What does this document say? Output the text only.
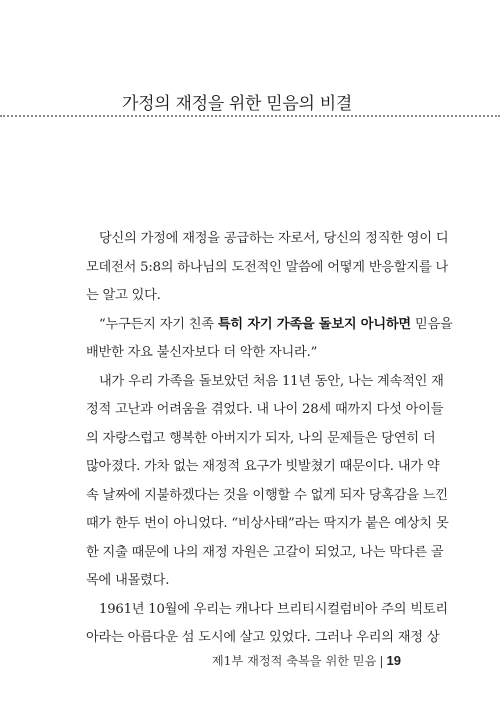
가정의 재정을 위한 믿음의 비결
당신의 가정에 재정을 공급하는 자로서, 당신의 정직한 영이 디
모데전서 5:8의 하나님의 도전적인 말씀에 어떻게 반응할지를 나
는 알고 있다.
“누구든지 자기 친족 특히 자기 가족을 돌보지 아니하면 믿음을
배반한 자요 불신자보다 더 악한 자니라.”
내가 우리 가족을 돌보았던 처음 11년 동안, 나는 계속적인 재
정적 고난과 어려움을 겪었다. 내 나이 28세 때까지 다섯 아이들
의 자랑스럽고 행복한 아버지가 되자, 나의 문제들은 당연히 더
많아졌다. 가차 없는 재정적 요구가 빗발쳤기 때문이다. 내가 약
속 날짜에 지불하겠다는 것을 이행할 수 없게 되자 당혹감을 느낀
때가 한두 번이 아니었다. “비상사태”라는 딱지가 붙은 예상치 못
한 지출 때문에 나의 재정 자원은 고갈이 되었고, 나는 막다른 골
목에 내몰렸다.
1961년 10월에 우리는 캐나다 브리티시컬럼비아 주의 빅토리
아라는 아름다운 섬 도시에 살고 있었다. 그러나 우리의 재정 상
제1부 재정적 축복을 위한 믿음 | 19
